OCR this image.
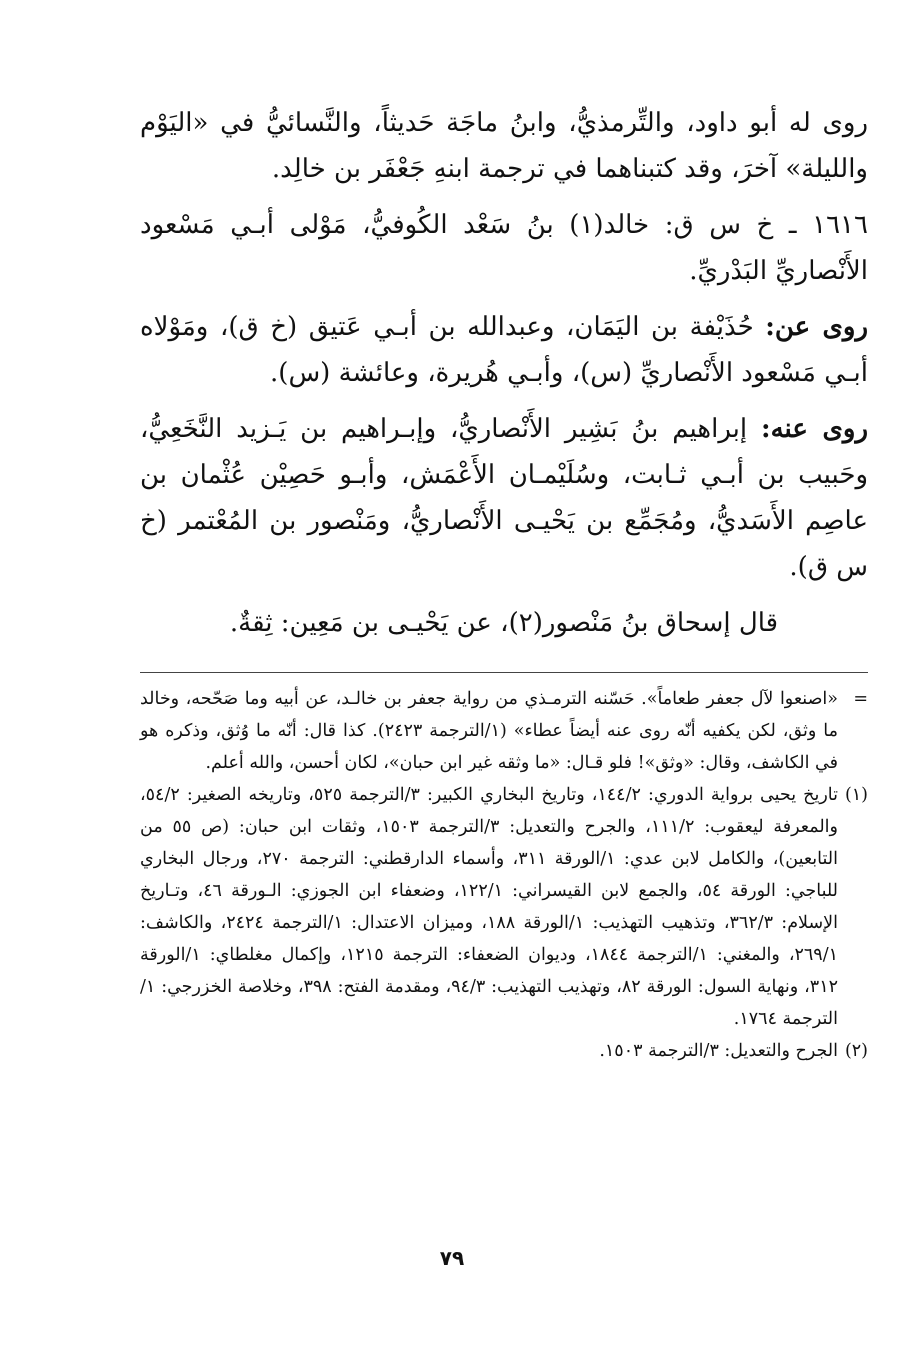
روى له أبو داود، والتِّرمذيُّ، وابنُ ماجَة حَديثاً، والنَّسائيُّ في «اليَوْم والليلة» آخرَ، وقد كتبناهما في ترجمة ابنهِ جَعْفَر بن خالِد.

١٦١٦ ـ خ س ق: خالد(١) بنُ سَعْد الكُوفيُّ، مَوْلى أبـي مَسْعود الأَنْصاريِّ البَدْريِّ.

روى عن: حُذَيْفة بن اليَمَان، وعبدالله بن أبـي عَتيق (خ ق)، ومَوْلاه أبـي مَسْعود الأَنْصاريِّ (س)، وأبـي هُريرة، وعائشة (س).

روى عنه: إبراهيم بنُ بَشِير الأَنْصاريُّ، وإبـراهيم بن يَـزيد النَّخَعِيُّ، وحَبيب بن أبـي ثـابت، وسُلَيْمـان الأَعْمَش، وأبـو حَصِيْن عُثْمان بن عاصِم الأَسَديُّ، ومُجَمِّع بن يَحْيـى الأَنْصاريُّ، ومَنْصور بن المُعْتمر (خ س ق).

قال إسحاق بنُ مَنْصور(٢)، عن يَحْيـى بن مَعِين: ثِقةٌ.

=
«اصنعوا لآل جعفر طعاماً». حَسّنه الترمـذي من رواية جعفر بن خالـد، عن أبيه وما صَحّحه، وخالد ما وثق، لكن يكفيه أنّه روى عنه أيضاً عطاء» (١/الترجمة ٢٤٢٣). كذا قال: أنّه ما وُثق، وذكره هو في الكاشف، وقال: «وثق»! فلو قـال: «ما وثقه غير ابن حبان»، لكان أحسن، والله أعلم.
(١)
تاريخ يحيى برواية الدوري: ١٤٤/٢، وتاريخ البخاري الكبير: ٣/الترجمة ٥٢٥، وتاريخه الصغير: ٥٤/٢، والمعرفة ليعقوب: ١١١/٢، والجرح والتعديل: ٣/الترجمة ١٥٠٣، وثقات ابن حبان: (ص ٥٥ من التابعين)، والكامل لابن عدي: ١/الورقة ٣١١، وأسماء الدارقطني: الترجمة ٢٧٠، ورجال البخاري للباجي: الورقة ٥٤، والجمع لابن القيسراني: ١٢٢/١، وضعفاء ابن الجوزي: الـورقة ٤٦، وتـاريخ الإسلام: ٣٦٢/٣، وتذهيب التهذيب: ١/الورقة ١٨٨، وميزان الاعتدال: ١/الترجمة ٢٤٢٤، والكاشف: ٢٦٩/١، والمغني: ١/الترجمة ١٨٤٤، وديوان الضعفاء: الترجمة ١٢١٥، وإكمال مغلطاي: ١/الورقة ٣١٢، ونهاية السول: الورقة ٨٢، وتهذيب التهذيب: ٩٤/٣، ومقدمة الفتح: ٣٩٨، وخلاصة الخزرجي: ١/الترجمة ١٧٦٤.
(٢)
الجرح والتعديل: ٣/الترجمة ١٥٠٣.
٧٩
